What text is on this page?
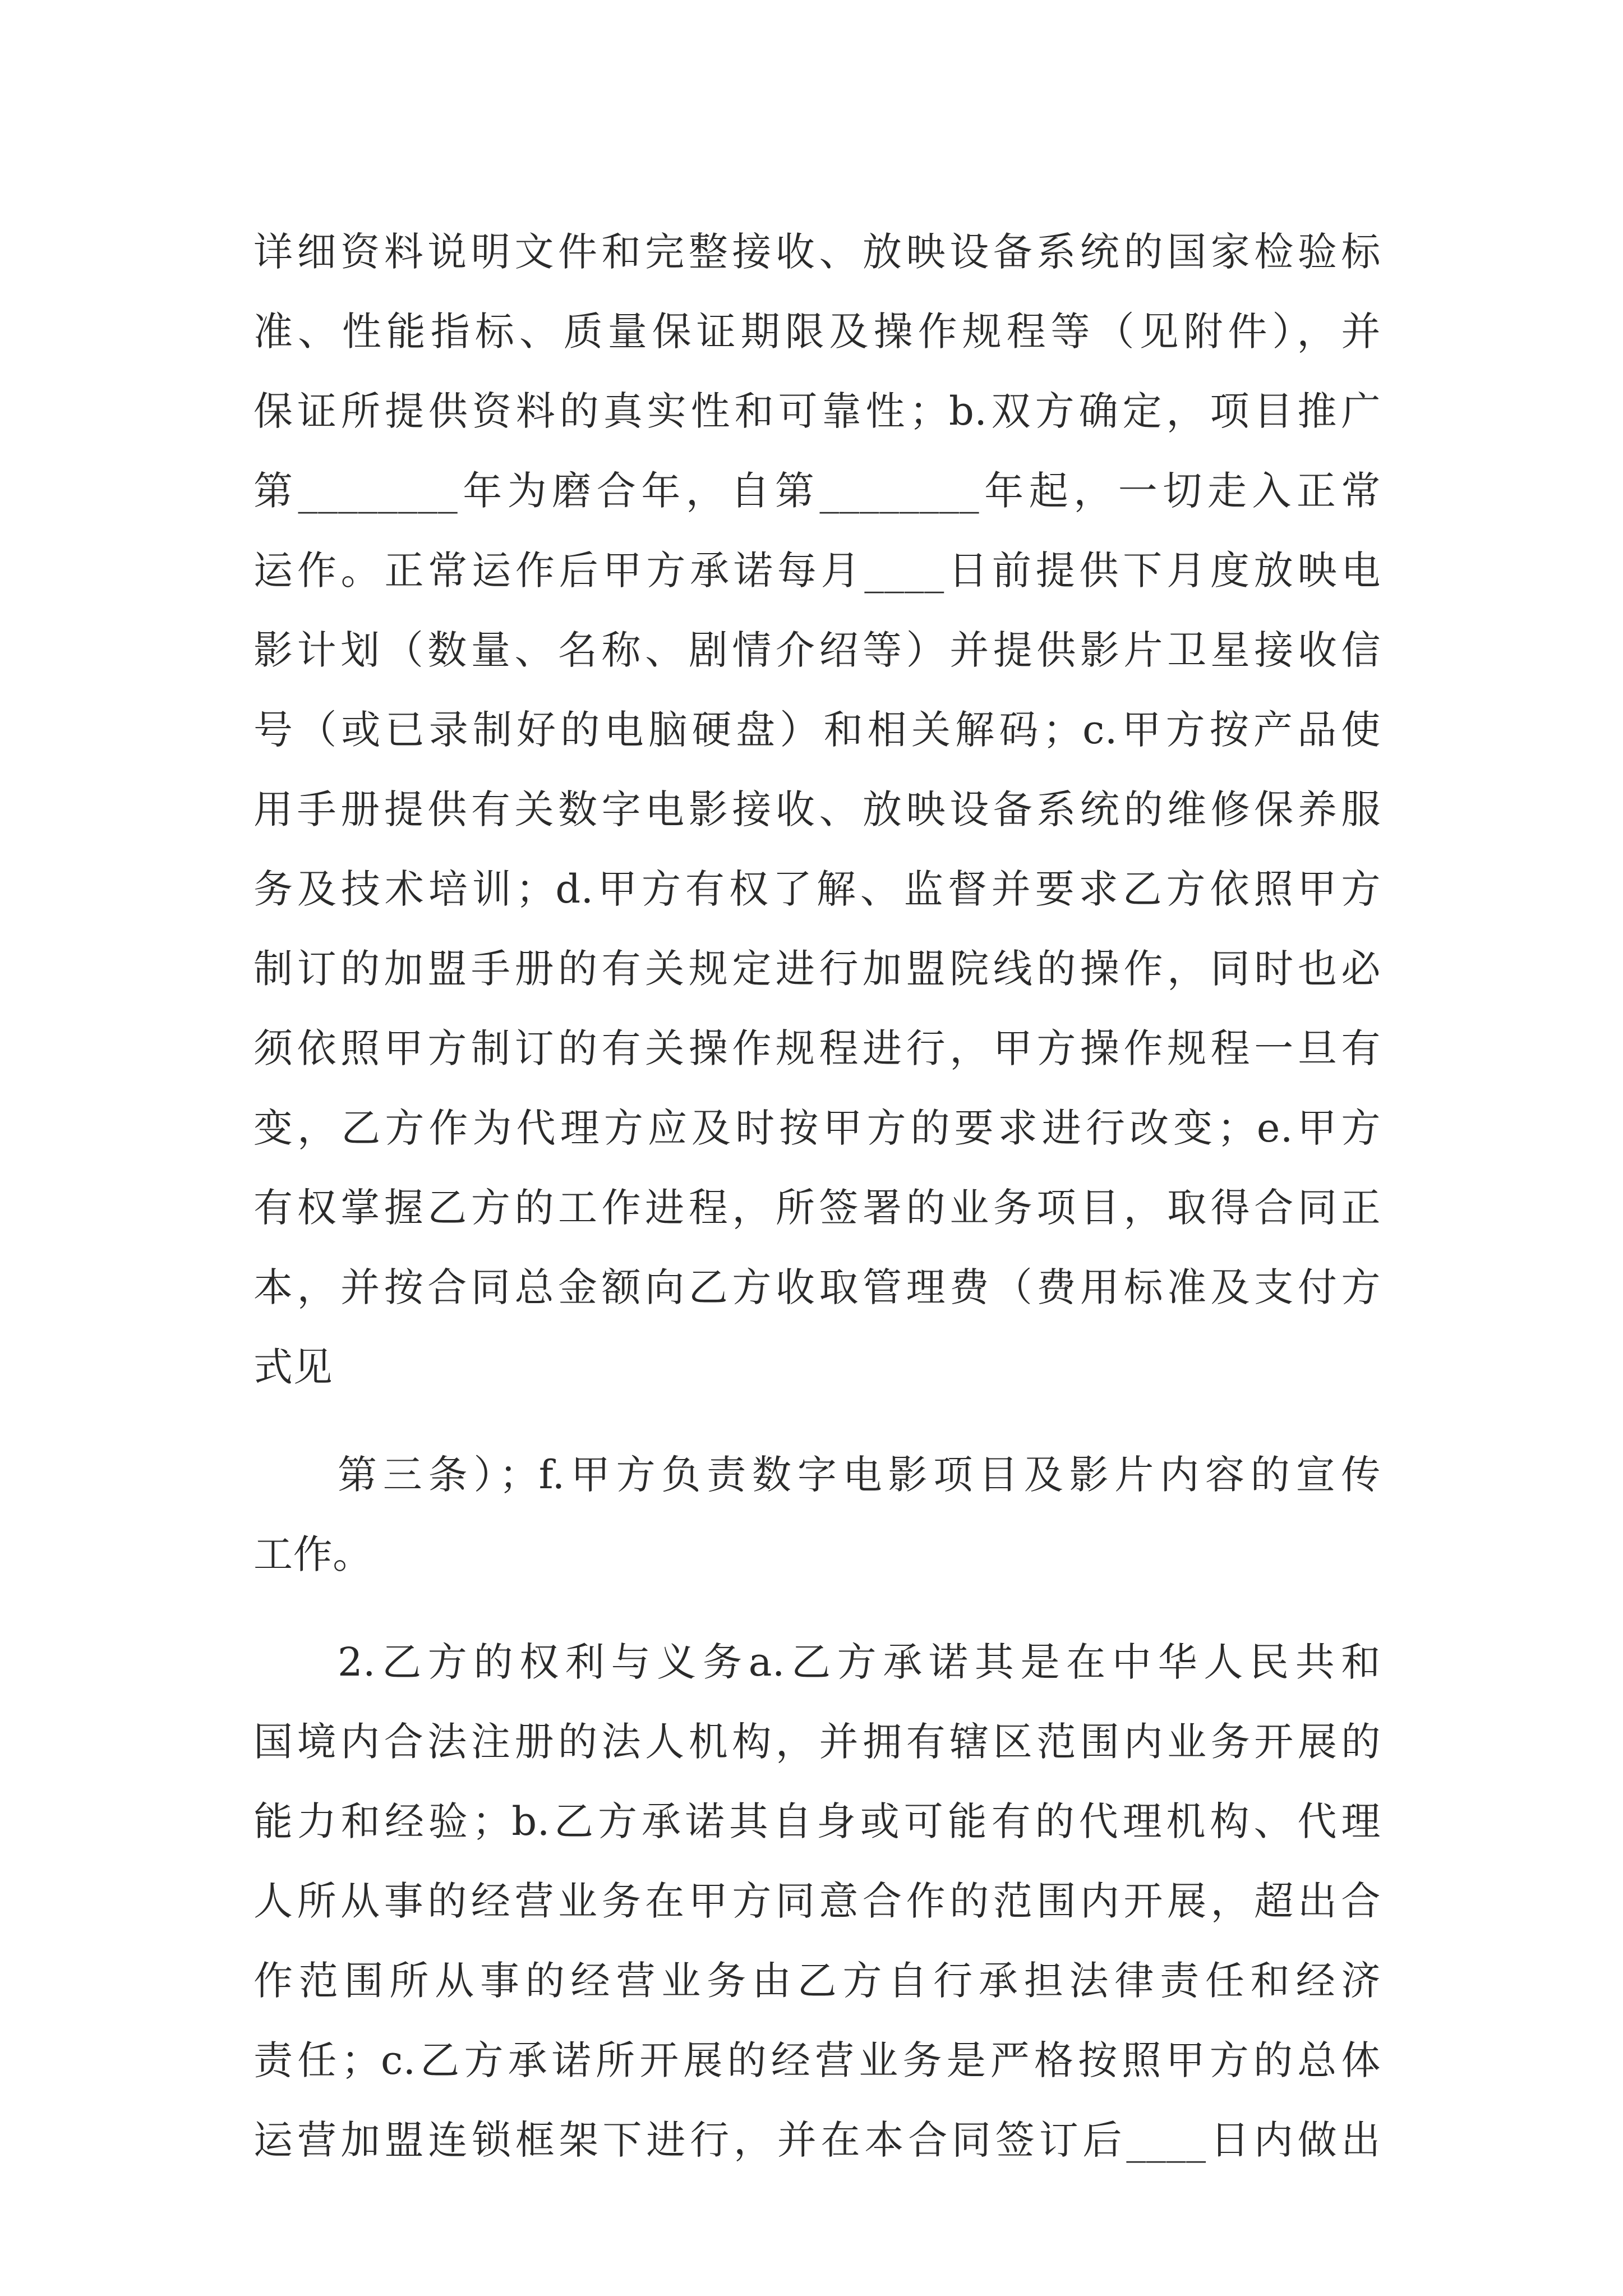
详细资料说明文件和完整接收、放映设备系统的国家检验标
准、性能指标、质量保证期限及操作规程等（见附件），并
保证所提供资料的真实性和可靠性；b.双方确定，项目推广
第________年为磨合年，自第________年起，一切走入正常
运作。正常运作后甲方承诺每月____日前提供下月度放映电
影计划（数量、名称、剧情介绍等）并提供影片卫星接收信
号（或已录制好的电脑硬盘）和相关解码；c.甲方按产品使
用手册提供有关数字电影接收、放映设备系统的维修保养服
务及技术培训；d.甲方有权了解、监督并要求乙方依照甲方
制订的加盟手册的有关规定进行加盟院线的操作，同时也必
须依照甲方制订的有关操作规程进行，甲方操作规程一旦有
变，乙方作为代理方应及时按甲方的要求进行改变；e.甲方
有权掌握乙方的工作进程，所签署的业务项目，取得合同正
本，并按合同总金额向乙方收取管理费（费用标准及支付方
式见
第三条）；f.甲方负责数字电影项目及影片内容的宣传
工作。
2.乙方的权利与义务a.乙方承诺其是在中华人民共和
国境内合法注册的法人机构，并拥有辖区范围内业务开展的
能力和经验；b.乙方承诺其自身或可能有的代理机构、代理
人所从事的经营业务在甲方同意合作的范围内开展，超出合
作范围所从事的经营业务由乙方自行承担法律责任和经济
责任；c.乙方承诺所开展的经营业务是严格按照甲方的总体
运营加盟连锁框架下进行，并在本合同签订后____日内做出
